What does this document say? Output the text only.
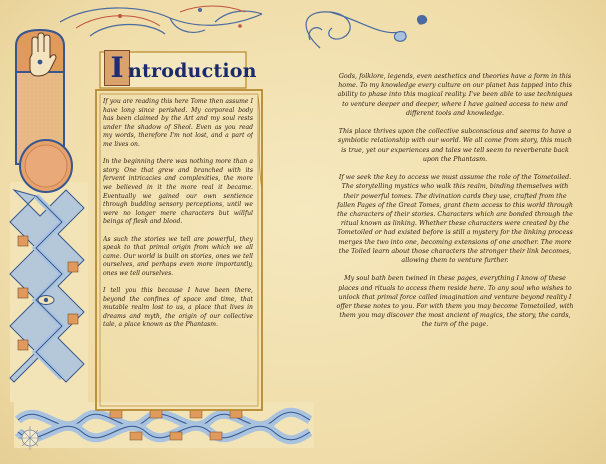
I ntroduction

If you are reading this here Tome then assume I have long since perished. My corporeal body has been claimed by the Art and my soul rests under the shadow of Sheol. Even as you read my words, therefore I'm not lost, and a part of me lives on.

In the beginning there was nothing more than a story. One that grew and branched with its fervent intricacies and complexities, the more we believed in it the more real it became. Eventually we gained our own sentience through budding sensory perceptions, until we were no longer mere characters but willful beings of flesh and blood.

As such the stories we tell are powerful, they speak to that primal origin from which we all came. Our world is built on stories, ones we tell ourselves, and perhaps even more importantly, ones we tell ourselves.

I tell you this because I have been there, beyond the confines of space and time, that mutable realm lost to us, a place that lives in dreams and myth, the origin of our collective tale, a place known as the Phantasm.

Gods, folklore, legends, even aesthetics and theories have a form in this home. To my knowledge every culture on our planet has tapped into this ability to phase into this magical reality. I've been able to use techniques to venture deeper and deeper, where I have gained access to new and different tools and knowledge.

This place thrives upon the collective subconscious and seems to have a symbiotic relationship with our world. We all come from story, this much is true, yet our experiences and tales we tell seem to reverberate back upon the Phantasm.

If we seek the key to access we must assume the role of the Tometoiled. The storytelling mystics who walk this realm, binding themselves with their powerful tomes. The divination cards they use, crafted from the fallen Pages of the Great Tomes, grant them access to this world through the characters of their stories. Characters which are bonded through the ritual known as linking. Whether these characters were created by the Tometoiled or had existed before is still a mystery for the linking process merges the two into one, becoming extensions of one another. The more the Toiled learn about those characters the stronger their link becomes, allowing them to venture further.

My soul bath been twined in these pages, everything I know of these places and rituals to access them reside here. To any soul who wishes to unlock that primal force called imagination and venture beyond reality I offer these notes to you. For with them you may become Tometoiled, with them you may discover the most ancient of magics, the story, the cards, the turn of the page.
